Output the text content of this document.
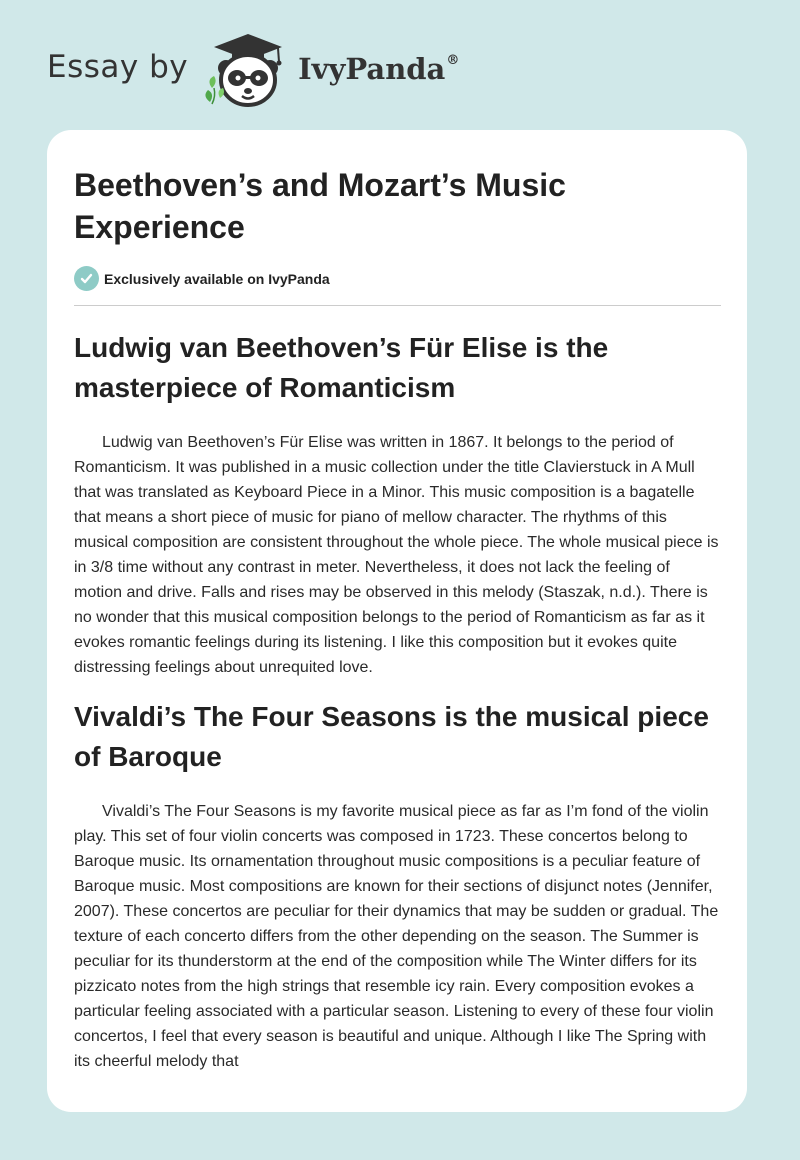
Essay by	IvyPanda®
Beethoven’s and Mozart’s Music Experience
Exclusively available on IvyPanda
Ludwig van Beethoven’s Für Elise is the masterpiece of Romanticism

Ludwig van Beethoven’s Für Elise was written in 1867. It belongs to the period of Romanticism. It was published in a music collection under the title Clavierstuck in A Mull that was translated as Keyboard Piece in a Minor. This music composition is a bagatelle that means a short piece of music for piano of mellow character. The rhythms of this musical composition are consistent throughout the whole piece. The whole musical piece is in 3/8 time without any contrast in meter. Nevertheless, it does not lack the feeling of motion and drive. Falls and rises may be observed in this melody (Staszak, n.d.). There is no wonder that this musical composition belongs to the period of Romanticism as far as it evokes romantic feelings during its listening. I like this composition but it evokes quite distressing feelings about unrequited love.

Vivaldi’s The Four Seasons is the musical piece of Baroque

Vivaldi’s The Four Seasons is my favorite musical piece as far as I’m fond of the violin play. This set of four violin concerts was composed in 1723. These concertos belong to Baroque music. Its ornamentation throughout music compositions is a peculiar feature of Baroque music. Most compositions are known for their sections of disjunct notes (Jennifer, 2007). These concertos are peculiar for their dynamics that may be sudden or gradual. The texture of each concerto differs from the other depending on the season. The Summer is peculiar for its thunderstorm at the end of the composition while The Winter differs for its pizzicato notes from the high strings that resemble icy rain. Every composition evokes a particular feeling associated with a particular season. Listening to every of these four violin concertos, I feel that every season is beautiful and unique. Although I like The Spring with its cheerful melody that
